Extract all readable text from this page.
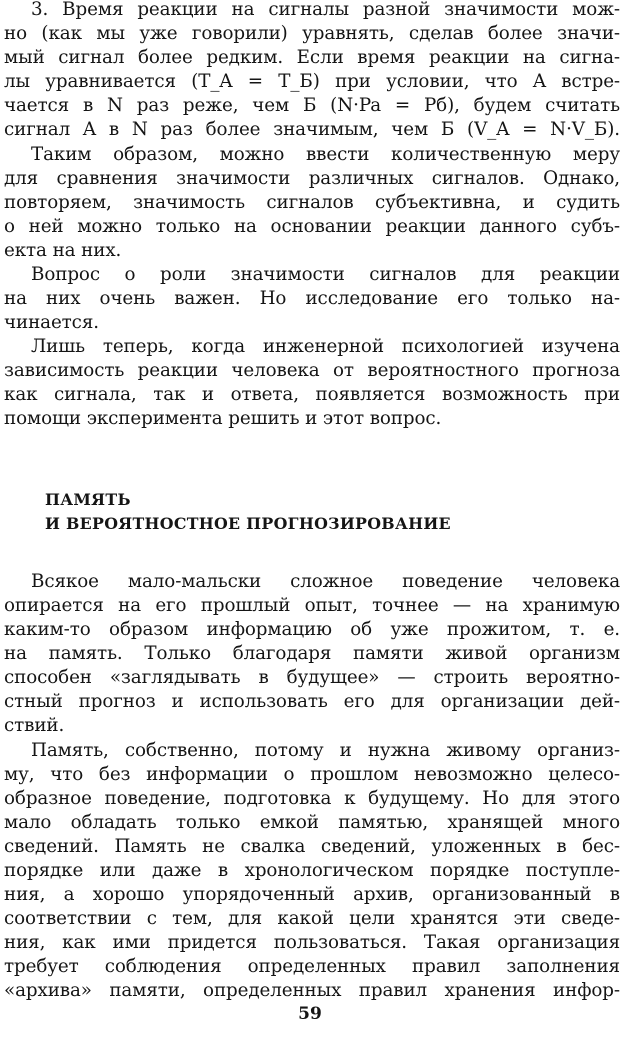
3. Время реакции на сигналы разной значимости мож-

но (как мы уже говорили) уравнять, сделав более значи-

мый сигнал более редким. Если время реакции на сигна-

лы уравнивается (T_A = T_Б) при условии, что A встре-

чается в N раз реже, чем Б (N·Pa = Pб), будем считать

сигнал A в N раз более значимым, чем Б (V_A = N·V_Б).

Таким образом, можно ввести количественную меру

для сравнения значимости различных сигналов. Однако,

повторяем, значимость сигналов субъективна, и судить

о ней можно только на основании реакции данного субъ-

екта на них.

Вопрос о роли значимости сигналов для реакции

на них очень важен. Но исследование его только на-

чинается.

Лишь теперь, когда инженерной психологией изучена

зависимость реакции человека от вероятностного прогноза

как сигнала, так и ответа, появляется возможность при

помощи эксперимента решить и этот вопрос.

ПАМЯТЬ

И ВЕРОЯТНОСТНОЕ ПРОГНОЗИРОВАНИЕ

Всякое мало-мальски сложное поведение человека

опирается на его прошлый опыт, точнее — на хранимую

каким-то образом информацию об уже прожитом, т. е.

на память. Только благодаря памяти живой организм

способен «заглядывать в будущее» — строить вероятно-

стный прогноз и использовать его для организации дей-

ствий.

Память, собственно, потому и нужна живому организ-

му, что без информации о прошлом невозможно целесо-

образное поведение, подготовка к будущему. Но для этого

мало обладать только емкой памятью, хранящей много

сведений. Память не свалка сведений, уложенных в бес-

порядке или даже в хронологическом порядке поступле-

ния, а хорошо упорядоченный архив, организованный в

соответствии с тем, для какой цели хранятся эти сведе-

ния, как ими придется пользоваться. Такая организация

требует соблюдения определенных правил заполнения

«архива» памяти, определенных правил хранения инфор-

59
